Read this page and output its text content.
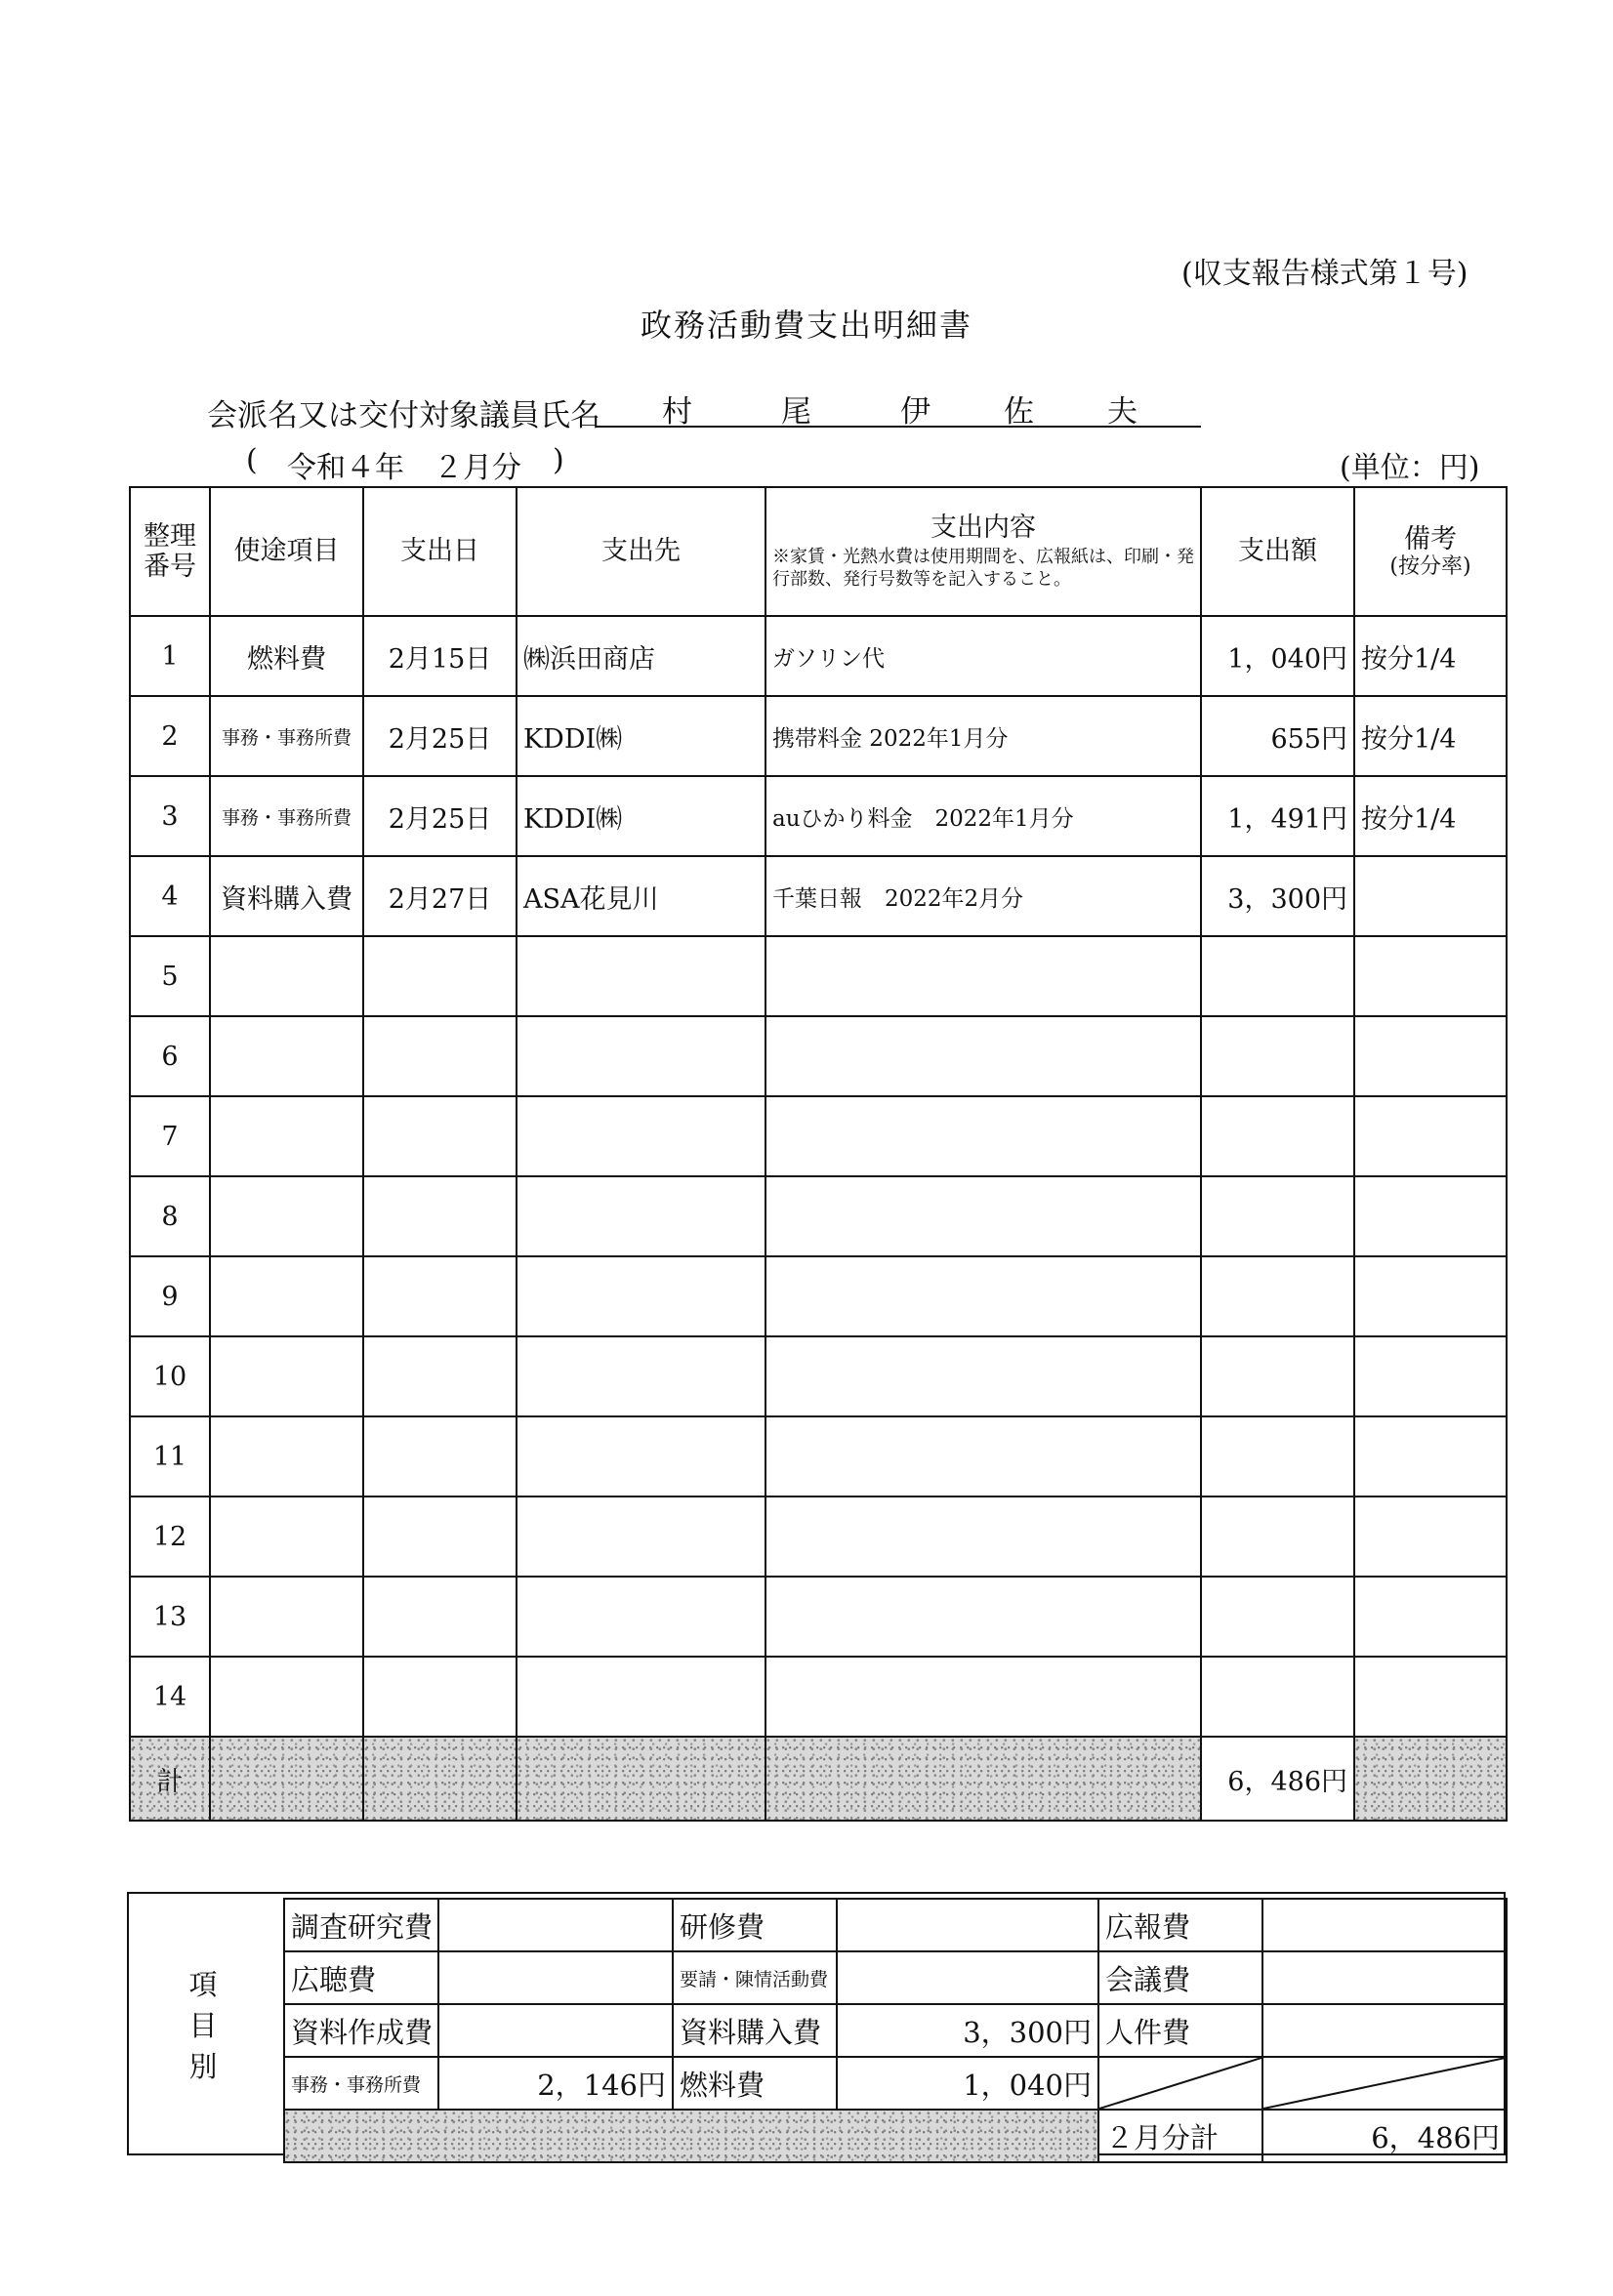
(収支報告様式第１号)
政務活動費支出明細書
会派名又は交付対象議員氏名 村	尾	伊 佐 夫
( 令和４年　２月分 )	(単位：円)
整理番号	使途項目	支出日	支出先	支出内容
※家賃・光熱水費は使用期間を、広報紙は、印刷・発行部数、発行号数等を記入すること。	支出額	備考
(按分率)

1	燃料費	2月15日	㈱浜田商店	ガソリン代	1，040円	按分1/4
2	事務・事務所費	2月25日	KDDI㈱	携帯料金 2022年1月分	655円	按分1/4
3	事務・事務所費	2月25日	KDDI㈱	auひかり料金　2022年1月分	1，491円	按分1/4
4	資料購入費	2月27日	ASA花見川	千葉日報　2022年2月分	3，300円	
5						
6						
7						
8						
9						
10						
11						
12						
13						
14						
計					6，486円	
項
目
別
調査研究費		研修費		広報費	
広聴費		要請・陳情活動費		会議費	
資料作成費		資料購入費	3，300円	人件費	
事務・事務所費	2，146円	燃料費	1，040円	

				２月分計	6，486円
